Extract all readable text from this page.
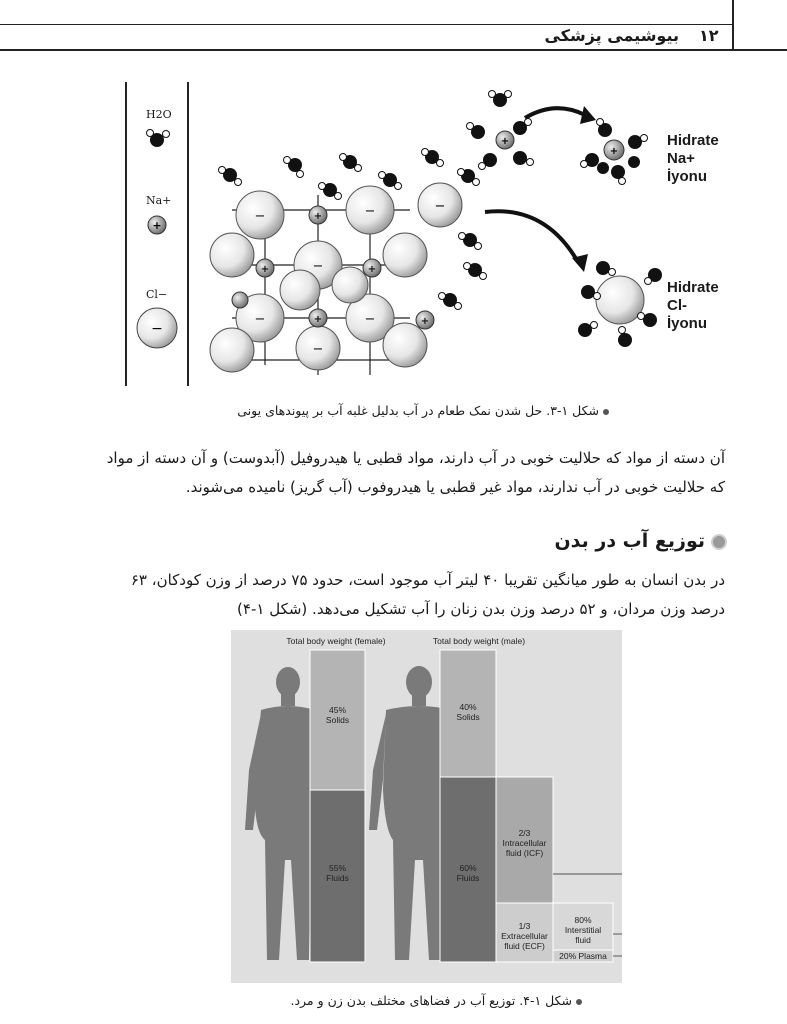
بیوشیمی پزشکی ۱۲
H2O
Na+
Cl−
+
−
−	−
−
−	−
−
+
+	+
+	+
−
+
+
Hidrate
Na+
İyonu
Hidrate
Cl-
İyonu
شکل ۱-۳. حل شدن نمک طعام در آب بدلیل غلبه آب بر پیوندهای یونی
آن دسته از مواد که حلالیت خوبی در آب دارند، مواد قطبی یا هیدروفیل (آبدوست) و آن دسته از مواد
که حلالیت خوبی در آب ندارند، مواد غیر قطبی یا هیدروفوب (آب گریز) نامیده می‌شوند.
توزیع آب در بدن
در بدن انسان به طور میانگین تقریبا ۴۰ لیتر آب موجود است، حدود ۷۵ درصد از وزن کودکان، ۶۳
درصد وزن مردان، و ۵۲ درصد وزن بدن زنان را آب تشکیل می‌دهد. (شکل ۱-۴)
Total body weight (female)	Total body weight (male)
45%
Solids
55%
Fluids
40%
Solids
60%
Fluids
2/3
Intracellular
fluid (ICF)
1/3
Extracellular
fluid (ECF)
80%
Interstitial
fluid
20% Plasma
شکل ۱-۴. توزیع آب در فضاهای مختلف بدن زن و مرد.
